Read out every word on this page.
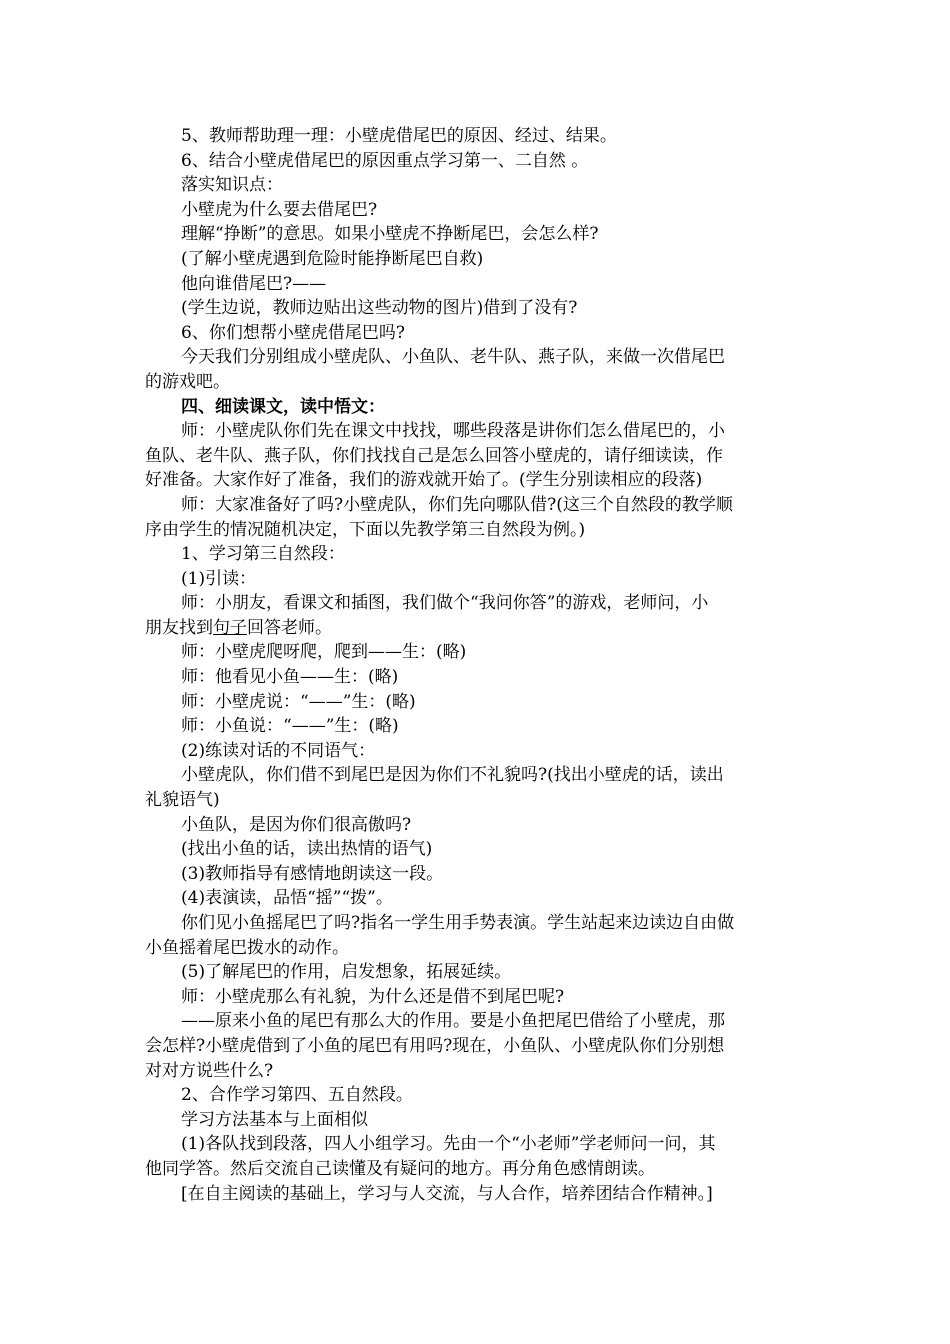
5、教师帮助理一理：小壁虎借尾巴的原因、经过、结果。
6、结合小壁虎借尾巴的原因重点学习第一、二自然 。
落实知识点：
小壁虎为什么要去借尾巴?
理解“挣断”的意思。如果小壁虎不挣断尾巴，会怎么样?
(了解小壁虎遇到危险时能挣断尾巴自救)
他向谁借尾巴?——
(学生边说，教师边贴出这些动物的图片)借到了没有?
6、你们想帮小壁虎借尾巴吗?
今天我们分别组成小壁虎队、小鱼队、老牛队、燕子队，来做一次借尾巴
的游戏吧。
四、细读课文，读中悟文：
师：小壁虎队你们先在课文中找找，哪些段落是讲你们怎么借尾巴的，小
鱼队、老牛队、燕子队，你们找找自己是怎么回答小壁虎的，请仔细读读，作
好准备。大家作好了准备，我们的游戏就开始了。(学生分别读相应的段落)
师：大家准备好了吗?小壁虎队，你们先向哪队借?(这三个自然段的教学顺
序由学生的情况随机决定，下面以先教学第三自然段为例。)
1、学习第三自然段：
(1)引读：
师：小朋友，看课文和插图，我们做个“我问你答”的游戏，老师问，小
朋友找到句子回答老师。
师：小壁虎爬呀爬，爬到——生：(略)
师：他看见小鱼——生：(略)
师：小壁虎说：“——”生：(略)
师：小鱼说：“——”生：(略)
(2)练读对话的不同语气：
小壁虎队，你们借不到尾巴是因为你们不礼貌吗?(找出小壁虎的话，读出
礼貌语气)
小鱼队，是因为你们很高傲吗?
(找出小鱼的话，读出热情的语气)
(3)教师指导有感情地朗读这一段。
(4)表演读，品悟“摇”“拨”。
你们见小鱼摇尾巴了吗?指名一学生用手势表演。学生站起来边读边自由做
小鱼摇着尾巴拨水的动作。
(5)了解尾巴的作用，启发想象，拓展延续。
师：小壁虎那么有礼貌，为什么还是借不到尾巴呢?
——原来小鱼的尾巴有那么大的作用。要是小鱼把尾巴借给了小壁虎，那
会怎样?小壁虎借到了小鱼的尾巴有用吗?现在，小鱼队、小壁虎队你们分别想
对对方说些什么?
2、合作学习第四、五自然段。
学习方法基本与上面相似
(1)各队找到段落，四人小组学习。先由一个“小老师”学老师问一问，其
他同学答。然后交流自己读懂及有疑问的地方。再分角色感情朗读。
[在自主阅读的基础上，学习与人交流，与人合作，培养团结合作精神。]
